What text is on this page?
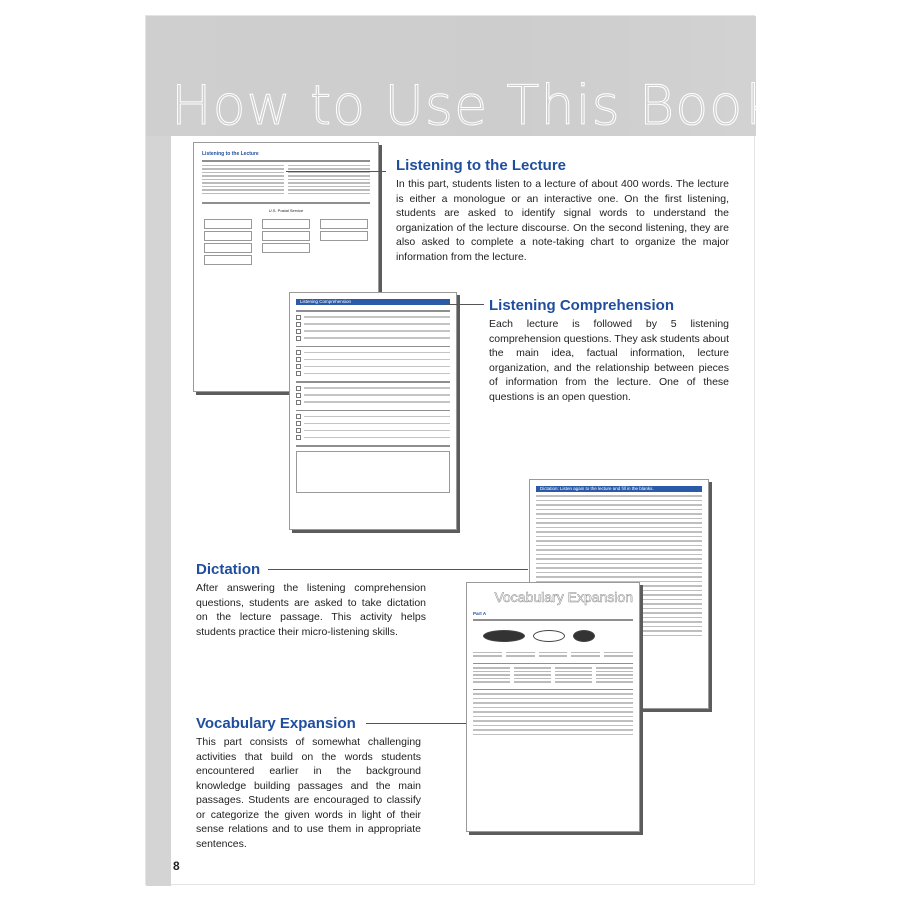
How to Use This Book
Listening to the Lecture
U.S. Postal Service
Listening Comprehension
Listening to the Lecture
In this part, students listen to a lecture of about 400 words. The lecture is either a monologue or an interactive one. On the first listening, students are asked to identify signal words to understand the organization of the lecture discourse. On the second listening, they are also asked to complete a note-taking chart to organize the major information from the lecture.
Listening Comprehension
Each lecture is followed by 5 listening comprehension questions. They ask students about the main idea, factual information, lecture organization, and the relationship between pieces of information from the lecture. One of these questions is an open question.
Dictation: Listen again to the lecture and fill in the blanks.
Vocabulary Expansion
Part A
Dictation
After answering the listening comprehension questions, students are asked to take dictation on the lecture passage. This activity helps students practice their micro-listening skills.
Vocabulary Expansion
This part consists of somewhat challenging activities that build on the words students encountered earlier in the background knowledge building passages and the main passages. Students are encouraged to classify or categorize the given words in light of their sense relations and to use them in appropriate sentences.
8
